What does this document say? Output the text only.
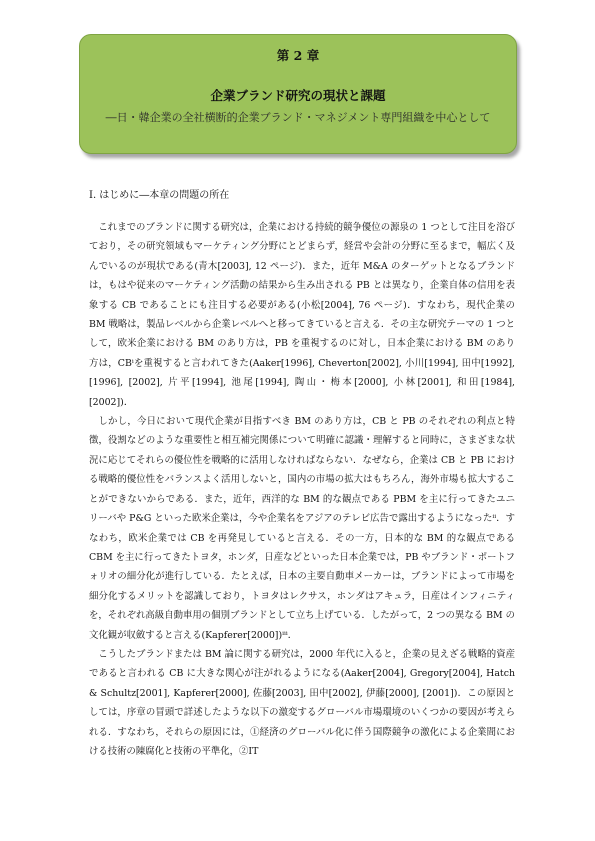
第 2 章
企業ブランド研究の現状と課題
―日・韓企業の全社横断的企業ブランド・マネジメント専門組織を中心として
Ⅰ. はじめに―本章の問題の所在

これまでのブランドに関する研究は，企業における持続的競争優位の源泉の 1 つとして注目を浴びており，その研究領域もマーケティング分野にとどまらず，経営や会計の分野に至るまで，幅広く及んでいるのが現状である(青木[2003], 12 ページ)．また，近年 M&A のターゲットとなるブランドは，もはや従来のマーケティング活動の結果から生み出される PB とは異なり，企業自体の信用を表象する CB であることにも注目する必要がある(小松[2004], 76 ページ)．すなわち，現代企業の BM 戦略は，製品レベルから企業レベルへと移ってきていると言える．その主な研究テーマの 1 つとして，欧米企業における BM のあり方は，PB を重視するのに対し，日本企業における BM のあり方は，CBⁱを重視すると言われてきた(Aaker[1996], Cheverton[2002], 小川[1994], 田中[1992], [1996], [2002], 片平[1994], 池尾[1994], 陶山・梅本[2000], 小林[2001], 和田[1984], [2002])．

しかし，今日において現代企業が目指すべき BM のあり方は，CB と PB のそれぞれの利点と特徴，役割などのような重要性と相互補完関係について明確に認識・理解すると同時に，さまざまな状況に応じてそれらの優位性を戦略的に活用しなければならない．なぜなら，企業は CB と PB における戦略的優位性をバランスよく活用しないと，国内の市場の拡大はもちろん，海外市場も拡大することができないからである．また，近年，西洋的な BM 的な観点である PBM を主に行ってきたユニリーバや P&G といった欧米企業は，今や企業名をアジアのテレビ広告で露出するようになったⁱⁱ．すなわち，欧米企業では CB を再発見していると言える．その一方，日本的な BM 的な観点である CBM を主に行ってきたトヨタ，ホンダ，日産などといった日本企業では，PB やブランド・ポートフォリオの細分化が進行している．たとえば，日本の主要自動車メーカーは，ブランドによって市場を細分化するメリットを認識しており，トヨタはレクサス，ホンダはアキュラ，日産はインフィニティを，それぞれ高級自動車用の個別ブランドとして立ち上げている．したがって，2 つの異なる BM の文化観が収斂すると言える(Kapferer[2000])ⁱⁱⁱ．

こうしたブランドまたは BM 論に関する研究は，2000 年代に入ると，企業の見えざる戦略的資産であると言われる CB に大きな関心が注がれるようになる(Aaker[2004], Gregory[2004], Hatch & Schultz[2001], Kapferer[2000], 佐藤[2003], 田中[2002], 伊藤[2000], [2001])．この原因としては，序章の冒頭で詳述したような以下の激変するグローバル市場環境のいくつかの要因が考えられる．すなわち，それらの原因には，①経済のグローバル化に伴う国際競争の激化による企業間における技術の陳腐化と技術の平準化，②IT
